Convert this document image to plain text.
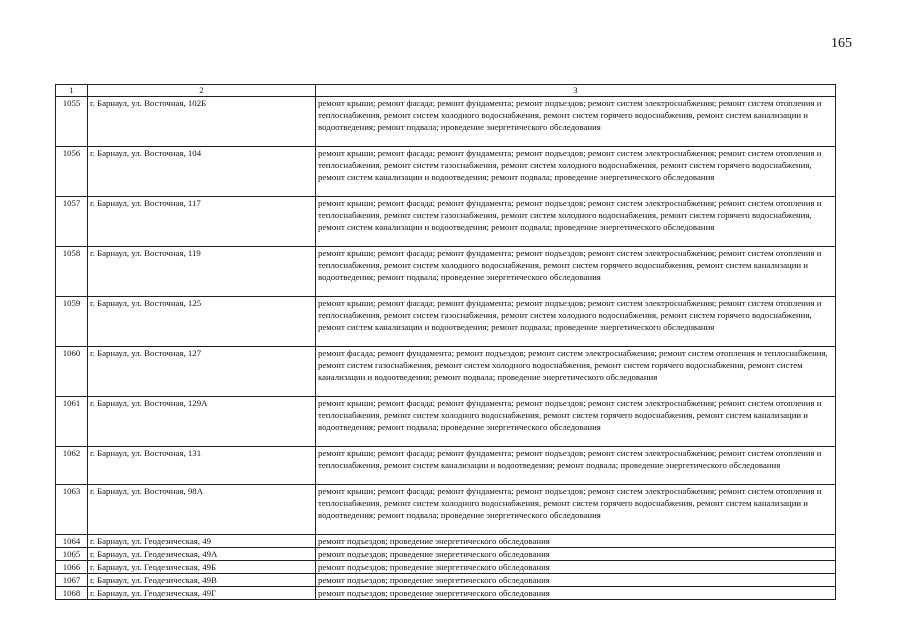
165
1	2	3
1055	г. Барнаул, ул. Восточная, 102Б	ремонт крыши; ремонт фасада; ремонт фундамента; ремонт подъездов; ремонт систем электроснабжения; ремонт систем отопления и теплоснабжения, ремонт систем холодного водоснабжения, ремонт систем горячего водоснабжения, ремонт систем канализации и водоотведения; ремонт подвала; проведение энергетического обследования
1056	г. Барнаул, ул. Восточная, 104	ремонт крыши; ремонт фасада; ремонт фундамента; ремонт подъездов; ремонт систем электроснабжения; ремонт систем отопления и теплоснабжения, ремонт систем газоснабжения, ремонт систем холодного водоснабжения, ремонт систем горячего водоснабжения, ремонт систем канализации и водоотведения; ремонт подвала; проведение энергетического обследования
1057	г. Барнаул, ул. Восточная, 117	ремонт крыши; ремонт фасада; ремонт фундамента; ремонт подъездов; ремонт систем электроснабжения; ремонт систем отопления и теплоснабжения, ремонт систем газоснабжения, ремонт систем холодного водоснабжения, ремонт систем горячего водоснабжения, ремонт систем канализации и водоотведения; ремонт подвала; проведение энергетического обследования
1058	г. Барнаул, ул. Восточная, 119	ремонт крыши; ремонт фасада; ремонт фундамента; ремонт подъездов; ремонт систем электроснабжения; ремонт систем отопления и теплоснабжения, ремонт систем холодного водоснабжения, ремонт систем горячего водоснабжения, ремонт систем канализации и водоотведения; ремонт подвала; проведение энергетического обследования
1059	г. Барнаул, ул. Восточная, 125	ремонт крыши; ремонт фасада; ремонт фундамента; ремонт подъездов; ремонт систем электроснабжения; ремонт систем отопления и теплоснабжения, ремонт систем газоснабжения, ремонт систем холодного водоснабжения, ремонт систем горячего водоснабжения, ремонт систем канализации и водоотведения; ремонт подвала; проведение энергетического обследования
1060	г. Барнаул, ул. Восточная, 127	ремонт фасада; ремонт фундамента; ремонт подъездов; ремонт систем электроснабжения; ремонт систем отопления и теплоснабжения, ремонт систем газоснабжения, ремонт систем холодного водоснабжения, ремонт систем горячего водоснабжения, ремонт систем канализации и водоотведения; ремонт подвала; проведение энергетического обследования
1061	г. Барнаул, ул. Восточная, 129А	ремонт крыши; ремонт фасада; ремонт фундамента; ремонт подъездов; ремонт систем электроснабжения; ремонт систем отопления и теплоснабжения, ремонт систем холодного водоснабжения, ремонт систем горячего водоснабжения, ремонт систем канализации и водоотведения; ремонт подвала; проведение энергетического обследования
1062	г. Барнаул, ул. Восточная, 131	ремонт крыши; ремонт фасада; ремонт фундамента; ремонт подъездов; ремонт систем электроснабжения; ремонт систем отопления и теплоснабжения, ремонт систем канализации и водоотведения; ремонт подвала; проведение энергетического обследования
1063	г. Барнаул, ул. Восточная, 98А	ремонт крыши; ремонт фасада; ремонт фундамента; ремонт подъездов; ремонт систем электроснабжения; ремонт систем отопления и теплоснабжения, ремонт систем холодного водоснабжения, ремонт систем горячего водоснабжения, ремонт систем канализации и водоотведения; ремонт подвала; проведение энергетического обследования
1064	г. Барнаул, ул. Геодезическая, 49	ремонт подъездов; проведение энергетического обследования
1065	г. Барнаул, ул. Геодезическая, 49А	ремонт подъездов; проведение энергетического обследования
1066	г. Барнаул, ул. Геодезическая, 49Б	ремонт подъездов; проведение энергетического обследования
1067	г. Барнаул, ул. Геодезическая, 49В	ремонт подъездов; проведение энергетического обследования
1068	г. Барнаул, ул. Геодезическая, 49Г	ремонт подъездов; проведение энергетического обследования
